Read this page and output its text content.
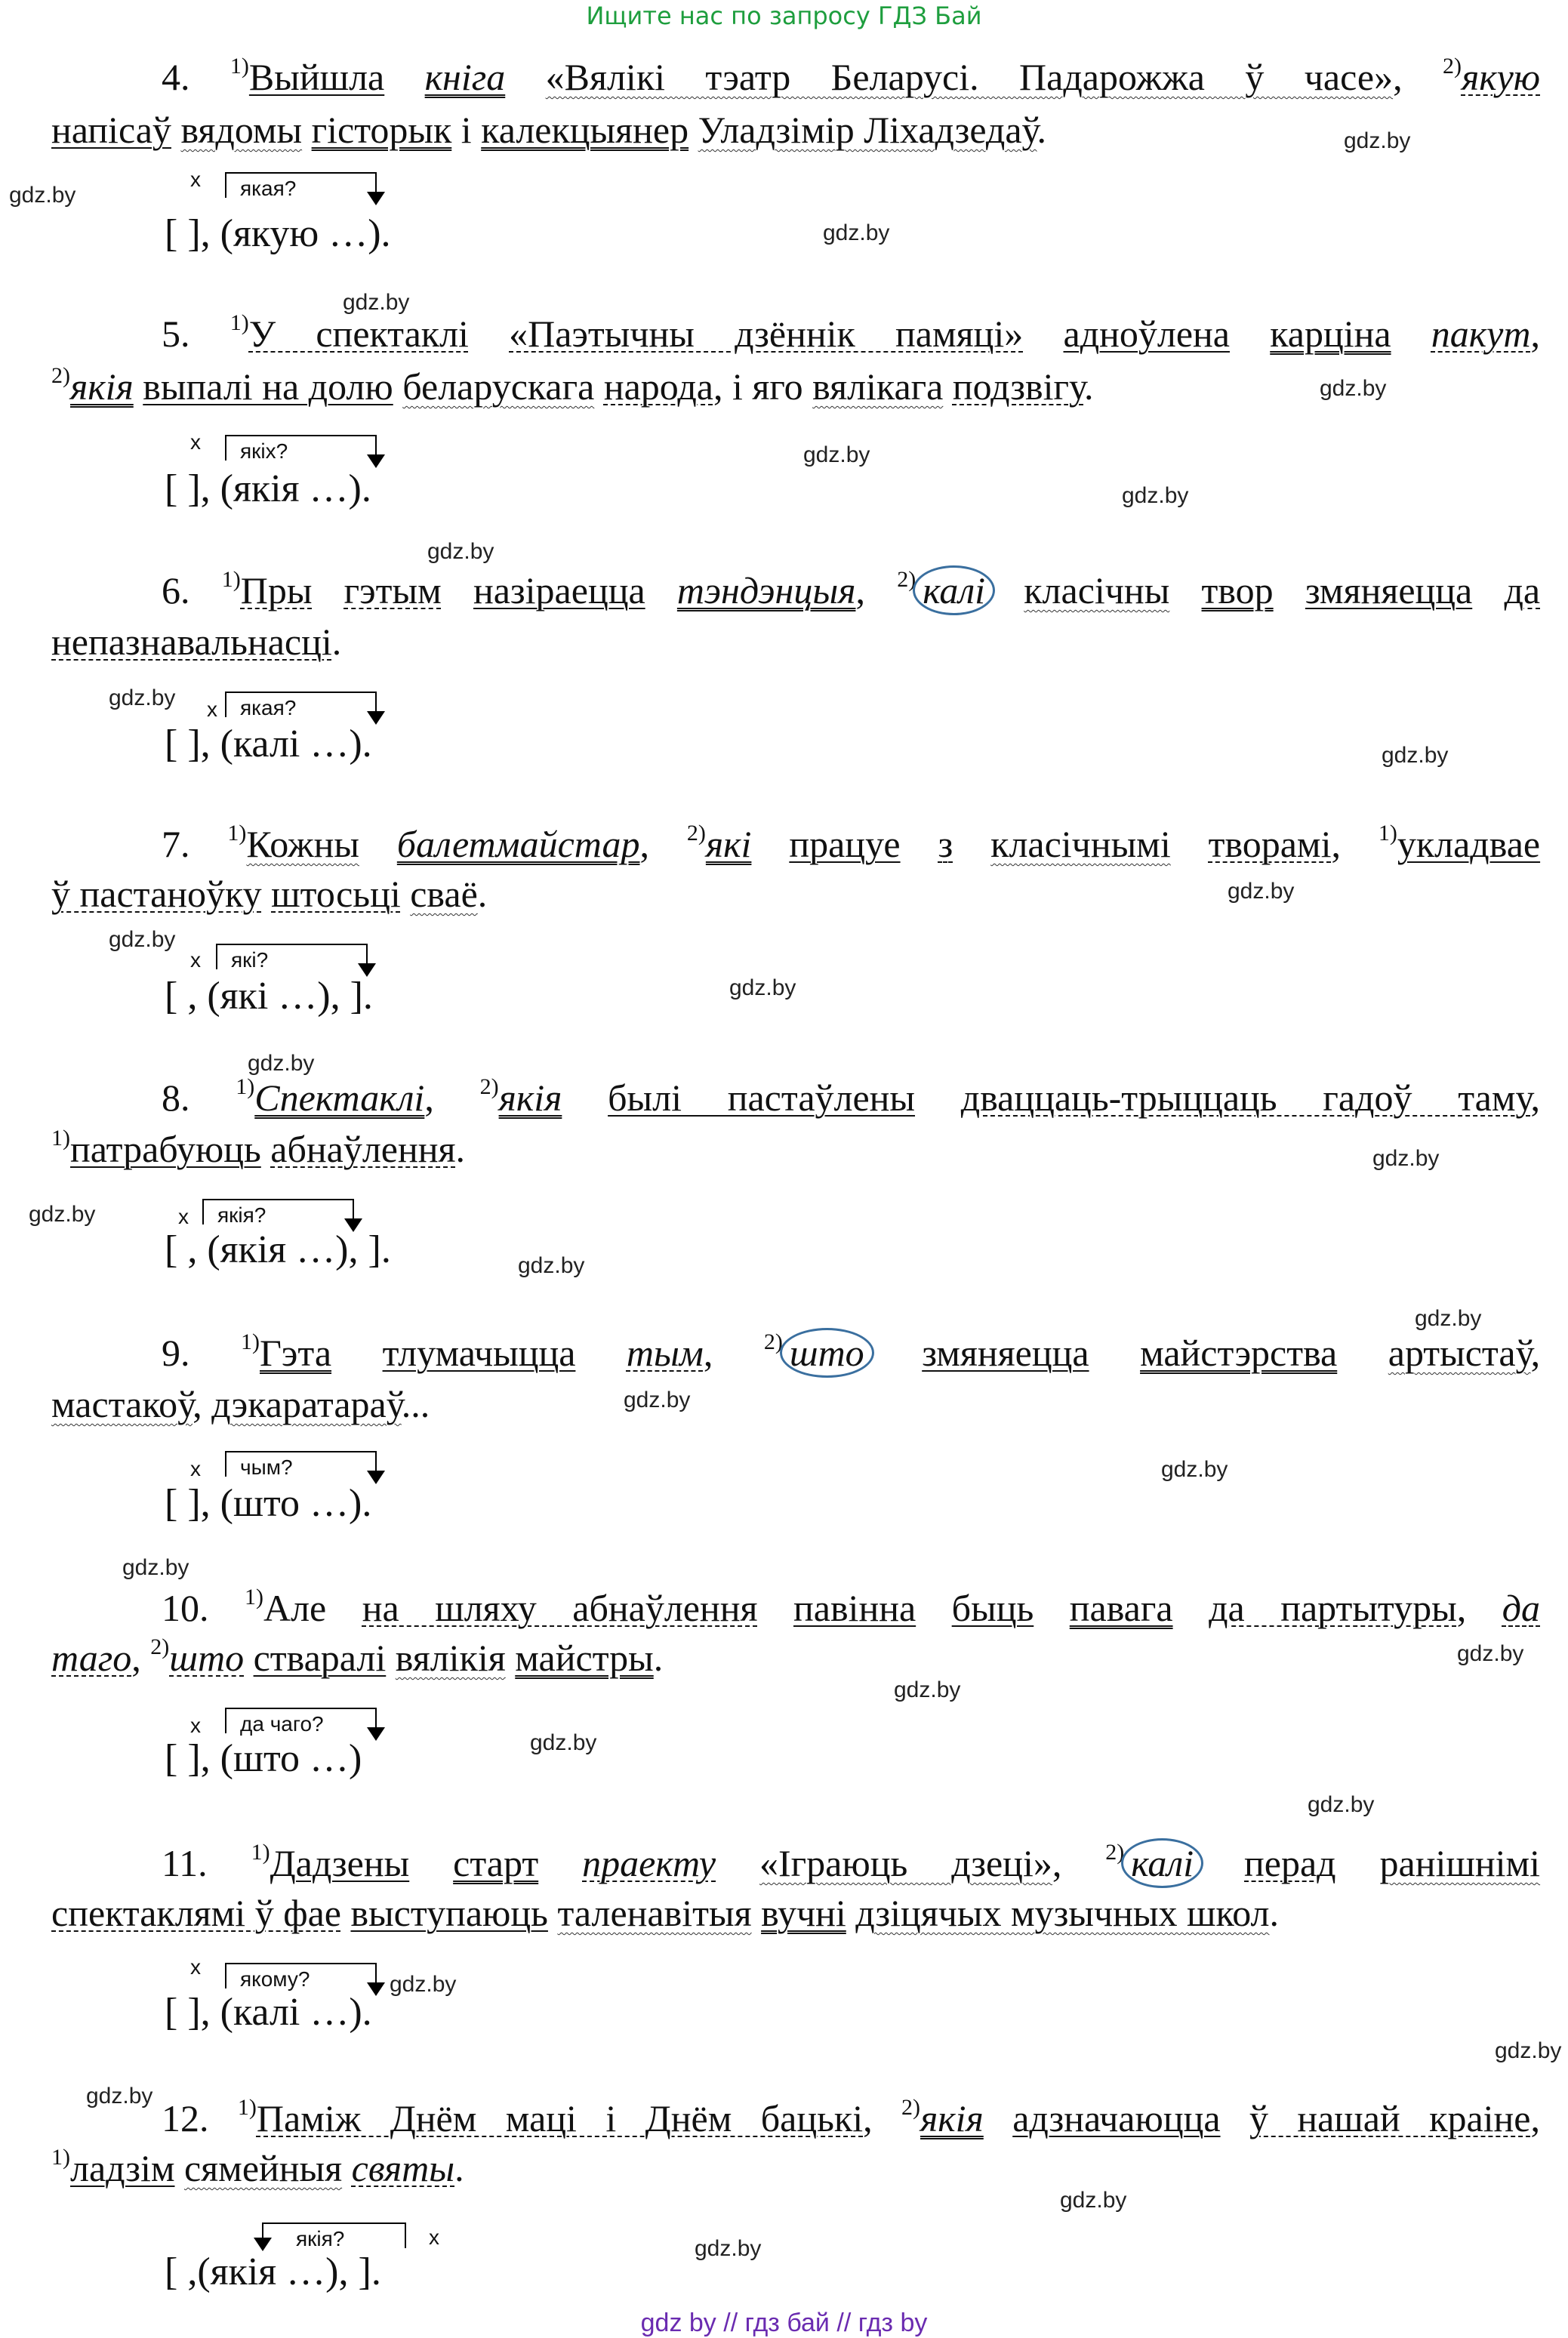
Ищите нас по запросу ГДЗ Бай
4. $^{1)}$Выйшла кніга «Вялікі тэатр Беларусі. Падарожжа ў часе», $^{2)}$якую
напісаў вядомы гісторык і калекцыянер Уладзімір Ліхадзедаў.
х	якая?
[ ], (якую …).
5. $^{1)}$У спектаклі «Паэтычны дзённік памяці» адноўлена карціна пакут,
$^{2)}$якія выпалі на долю беларускага народа, і яго вялікага подзвігу.
х	якіх?
[ ], (якія …).
6. $^{1)}$Пры гэтым назіраецца тэндэнцыя, $^{2)}$ калі класічны твор змяняецца да
непазнавальнасці.
х	якая?
[ ], (калі …).
7. $^{1)}$Кожны балетмайстар, $^{2)}$які працуе з класічнымі творамі, $^{1)}$укладвае
ў пастаноўку штосьці сваё.
х	які?
[ , (які …), ].
8. $^{1)}$Спектаклі, $^{2)}$якія былі пастаўлены дваццаць-трыццаць гадоў таму,
$^{1)}$патрабуюць абнаўлення.
х	якія?
[ , (якія …), ].
9. $^{1)}$Гэта тлумачыцца тым, $^{2)}$ што змяняецца майстэрства артыстаў,
мастакоў, дэкаратараў...
х	чым?
[ ], (што …).
10. $^{1)}$Але на шляху абнаўлення павінна быць павага да партытуры, да
таго, $^{2)}$што стваралі вялікія майстры.
х	да чаго?
[ ], (што …)
11. $^{1)}$Дадзены старт праекту «Іграюць дзеці», $^{2)}$ калі перад ранішнімі
спектаклямі ў фае выступаюць таленавітыя вучні дзіцячых музычных школ.
х
якому?
[ ], (калі …).
12. $^{1)}$Паміж Днём маці і Днём бацькі, $^{2)}$якія адзначаюцца ў нашай краіне,
$^{1)}$ладзім сямейныя святы.
якія?	х
[ ,(якія …), ].
gdz.by
gdz.by
gdz.by
gdz.by
gdz.by
gdz.by
gdz.by
gdz.by
gdz.by
gdz.by
gdz.by
gdz.by
gdz.by
gdz.by
gdz.by
gdz.by
gdz.by
gdz.by
gdz.by
gdz.by
gdz.by
gdz.by
gdz.by
gdz.by
gdz.by
gdz.by
gdz.by
gdz.by
gdz.by
gdz.by
gdz by // гдз бай // гдз by
